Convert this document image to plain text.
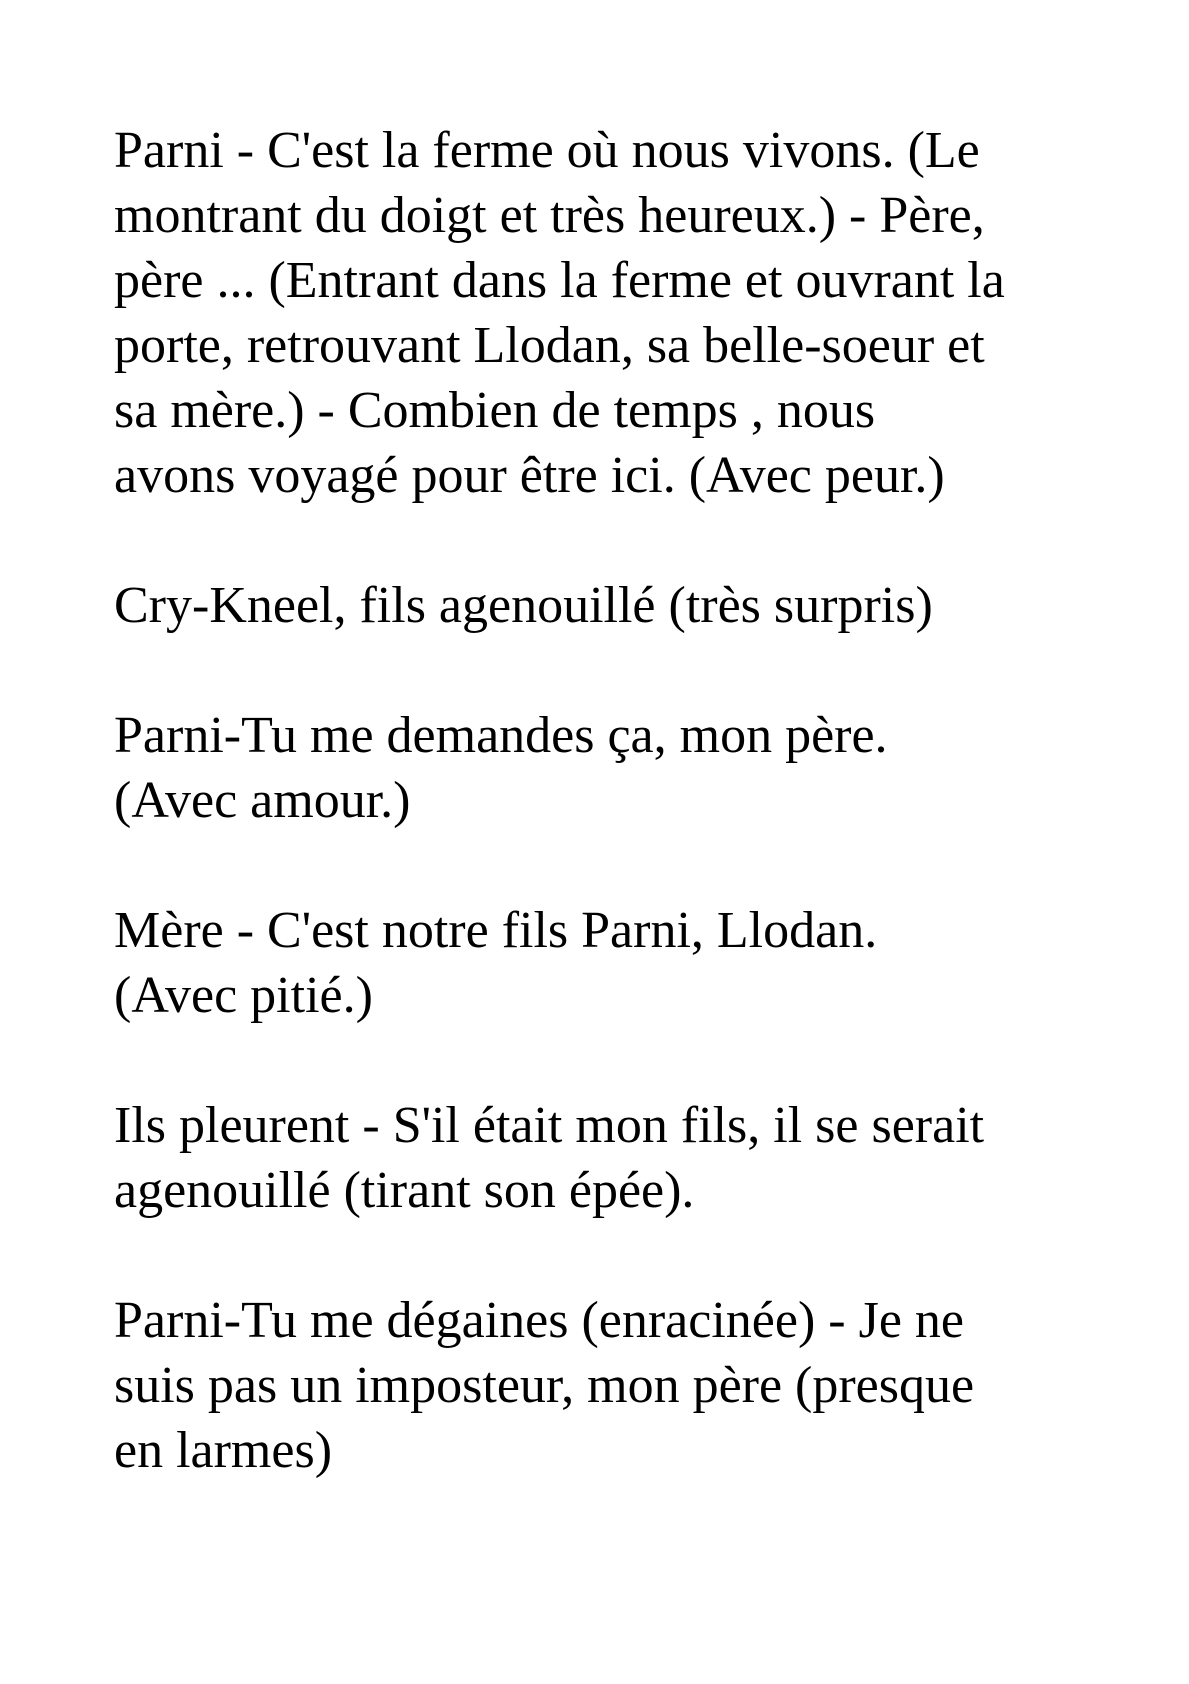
Parni - C'est la ferme où nous vivons. (Le
montrant du doigt et très heureux.) - Père,
père ... (Entrant dans la ferme et ouvrant la
porte, retrouvant Llodan, sa belle-soeur et
sa mère.) - Combien de temps , nous
avons voyagé pour être ici. (Avec peur.)

Cry-Kneel, fils agenouillé (très surpris)

Parni-Tu me demandes ça, mon père.
(Avec amour.)

Mère - C'est notre fils Parni, Llodan.
(Avec pitié.)

Ils pleurent - S'il était mon fils, il se serait
agenouillé (tirant son épée).

Parni-Tu me dégaines (enracinée) - Je ne
suis pas un imposteur, mon père (presque
en larmes)
